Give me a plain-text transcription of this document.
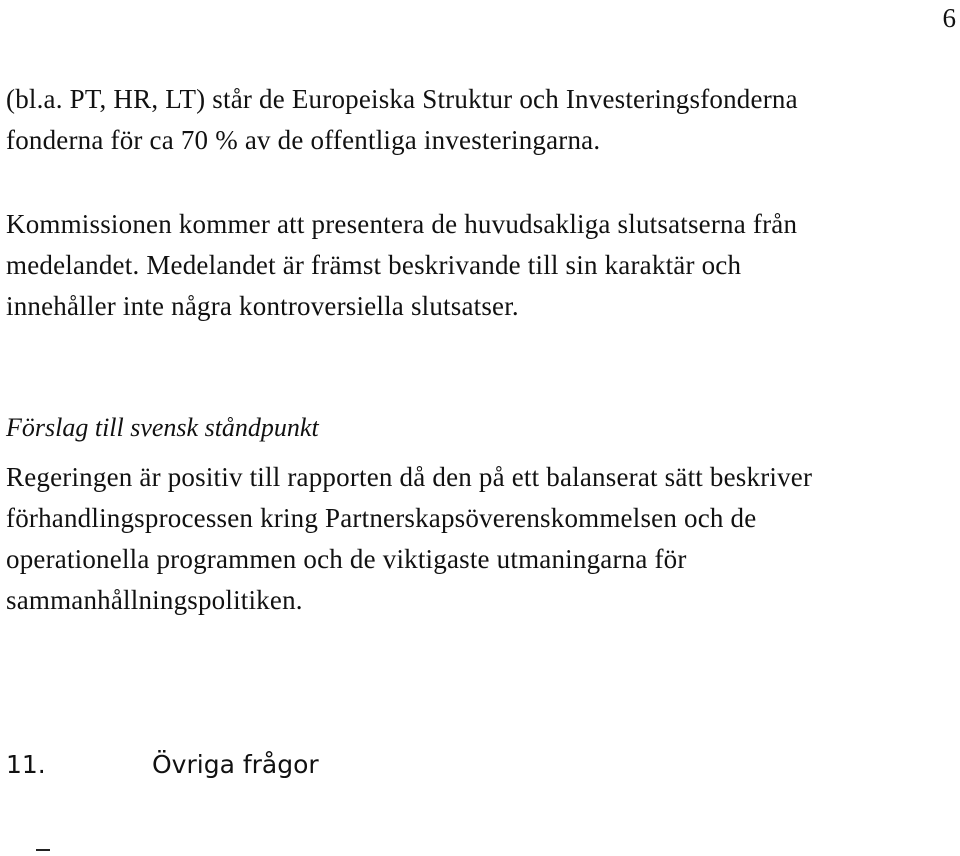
6
(bl.a. PT, HR, LT) står de Europeiska Struktur och Investeringsfonderna
fonderna för ca 70 % av de offentliga investeringarna.
Kommissionen kommer att presentera de huvudsakliga slutsatserna från
medelandet. Medelandet är främst beskrivande till sin karaktär och
innehåller inte några kontroversiella slutsatser.
Förslag till svensk ståndpunkt
Regeringen är positiv till rapporten då den på ett balanserat sätt beskriver
förhandlingsprocessen kring Partnerskapsöverenskommelsen och de
operationella programmen och de viktigaste utmaningarna för
sammanhållningspolitiken.
11.	Övriga frågor
